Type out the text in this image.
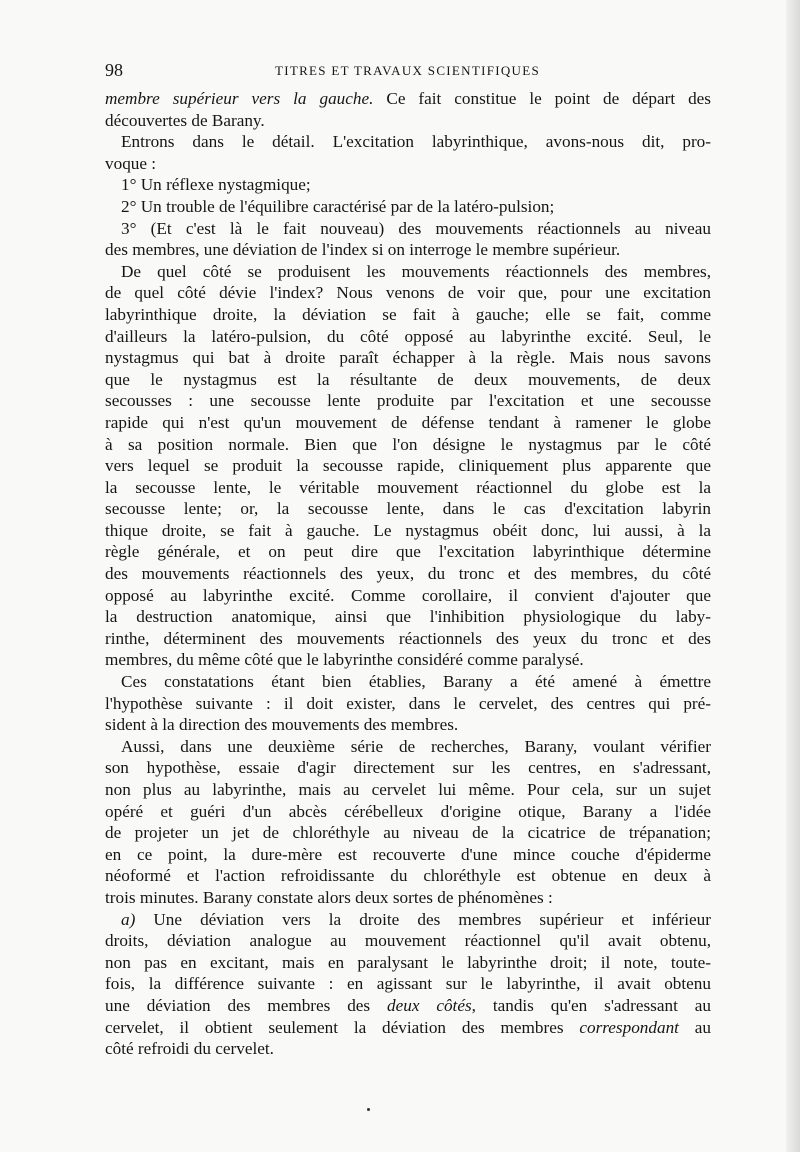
98	TITRES ET TRAVAUX SCIENTIFIQUES
membre supérieur vers la gauche. Ce fait constitue le point de départ des
découvertes de Barany.
Entrons dans le détail. L'excitation labyrinthique, avons-nous dit, pro-
voque :
1° Un réflexe nystagmique;
2° Un trouble de l'équilibre caractérisé par de la latéro-pulsion;
3° (Et c'est là le fait nouveau) des mouvements réactionnels au niveau
des membres, une déviation de l'index si on interroge le membre supérieur.
De quel côté se produisent les mouvements réactionnels des membres,
de quel côté dévie l'index? Nous venons de voir que, pour une excitation
labyrinthique droite, la déviation se fait à gauche; elle se fait, comme
d'ailleurs la latéro-pulsion, du côté opposé au labyrinthe excité. Seul, le
nystagmus qui bat à droite paraît échapper à la règle. Mais nous savons
que le nystagmus est la résultante de deux mouvements, de deux
secousses : une secousse lente produite par l'excitation et une secousse
rapide qui n'est qu'un mouvement de défense tendant à ramener le globe
à sa position normale. Bien que l'on désigne le nystagmus par le côté
vers lequel se produit la secousse rapide, cliniquement plus apparente que
la secousse lente, le véritable mouvement réactionnel du globe est la
secousse lente; or, la secousse lente, dans le cas d'excitation labyrin
thique droite, se fait à gauche. Le nystagmus obéit donc, lui aussi, à la
règle générale, et on peut dire que l'excitation labyrinthique détermine
des mouvements réactionnels des yeux, du tronc et des membres, du côté
opposé au labyrinthe excité. Comme corollaire, il convient d'ajouter que
la destruction anatomique, ainsi que l'inhibition physiologique du laby-
rinthe, déterminent des mouvements réactionnels des yeux du tronc et des
membres, du même côté que le labyrinthe considéré comme paralysé.
Ces constatations étant bien établies, Barany a été amené à émettre
l'hypothèse suivante : il doit exister, dans le cervelet, des centres qui pré-
sident à la direction des mouvements des membres.
Aussi, dans une deuxième série de recherches, Barany, voulant vérifier
son hypothèse, essaie d'agir directement sur les centres, en s'adressant,
non plus au labyrinthe, mais au cervelet lui même. Pour cela, sur un sujet
opéré et guéri d'un abcès cérébelleux d'origine otique, Barany a l'idée
de projeter un jet de chloréthyle au niveau de la cicatrice de trépanation;
en ce point, la dure-mère est recouverte d'une mince couche d'épiderme
néoformé et l'action refroidissante du chloréthyle est obtenue en deux à
trois minutes. Barany constate alors deux sortes de phénomènes :
a) Une déviation vers la droite des membres supérieur et inférieur
droits, déviation analogue au mouvement réactionnel qu'il avait obtenu,
non pas en excitant, mais en paralysant le labyrinthe droit; il note, toute-
fois, la différence suivante : en agissant sur le labyrinthe, il avait obtenu
une déviation des membres des deux côtés, tandis qu'en s'adressant au
cervelet, il obtient seulement la déviation des membres correspondant au
côté refroidi du cervelet.
